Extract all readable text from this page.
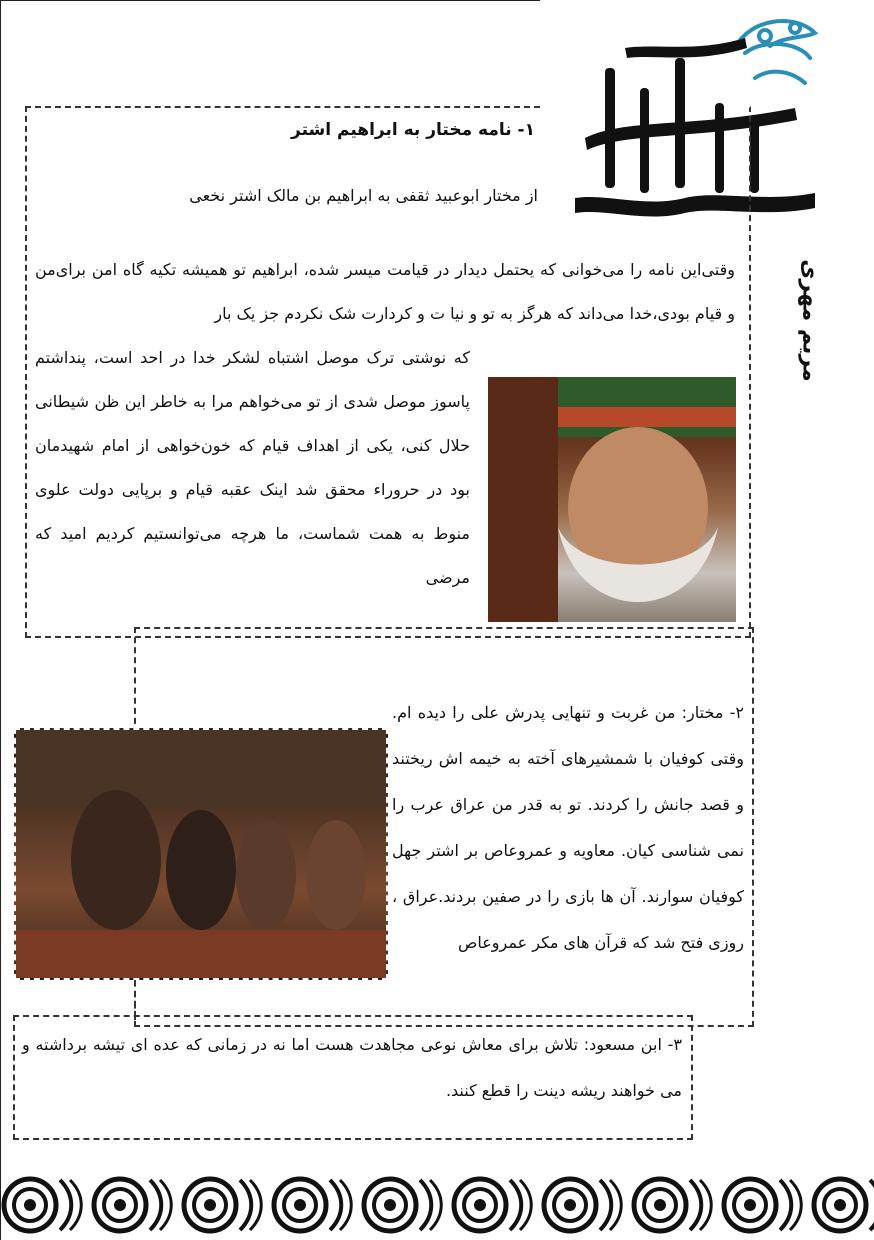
مریم مهری
۱- نامه مختار به ابراهیم اشتر
از مختار ابوعبید ثقفی به ابراهیم بن مالک اشتر نخعی
وقتی‌این نامه را می‌خوانی که یحتمل دیدار در قیامت میسر شده، ابراهیم تو همیشه تکیه گاه امن برای‌من و قیام بودی،خدا می‌داند که هرگز به تو و نیا ت و کردارت شک نکردم جز یک بار
که نوشتی ترک موصل اشتباه لشکر خدا در احد است، پنداشتم پاسوز موصل شدی از تو می‌خواهم مرا به خاطر این ظن شیطانی حلال کنی، یکی از اهداف قیام که خون‌خواهی از امام شهیدمان بود در حروراء محقق شد اینک عقبه قیام و برپایی دولت علوی منوط به همت شماست، ما هرچه می‌توانستیم کردیم امید که مرضی
۲- مختار: من غربت و تنهایی پدرش علی را دیده ام. وقتی کوفیان با شمشیرهای آخته به خیمه اش ریختند و قصد جانش را کردند. تو به قدر من عراق عرب را نمی شناسی کیان. معاویه و عمروعاص بر اشتر جهل کوفیان سوارند. آن ها بازی را در صفین بردند.عراق ، روزی فتح شد که قرآن های مکر عمروعاص
۳- ابن مسعود: تلاش برای معاش نوعی مجاهدت هست اما نه در زمانی که عده ای تیشه برداشته و می خواهند ریشه دینت را قطع کنند.
